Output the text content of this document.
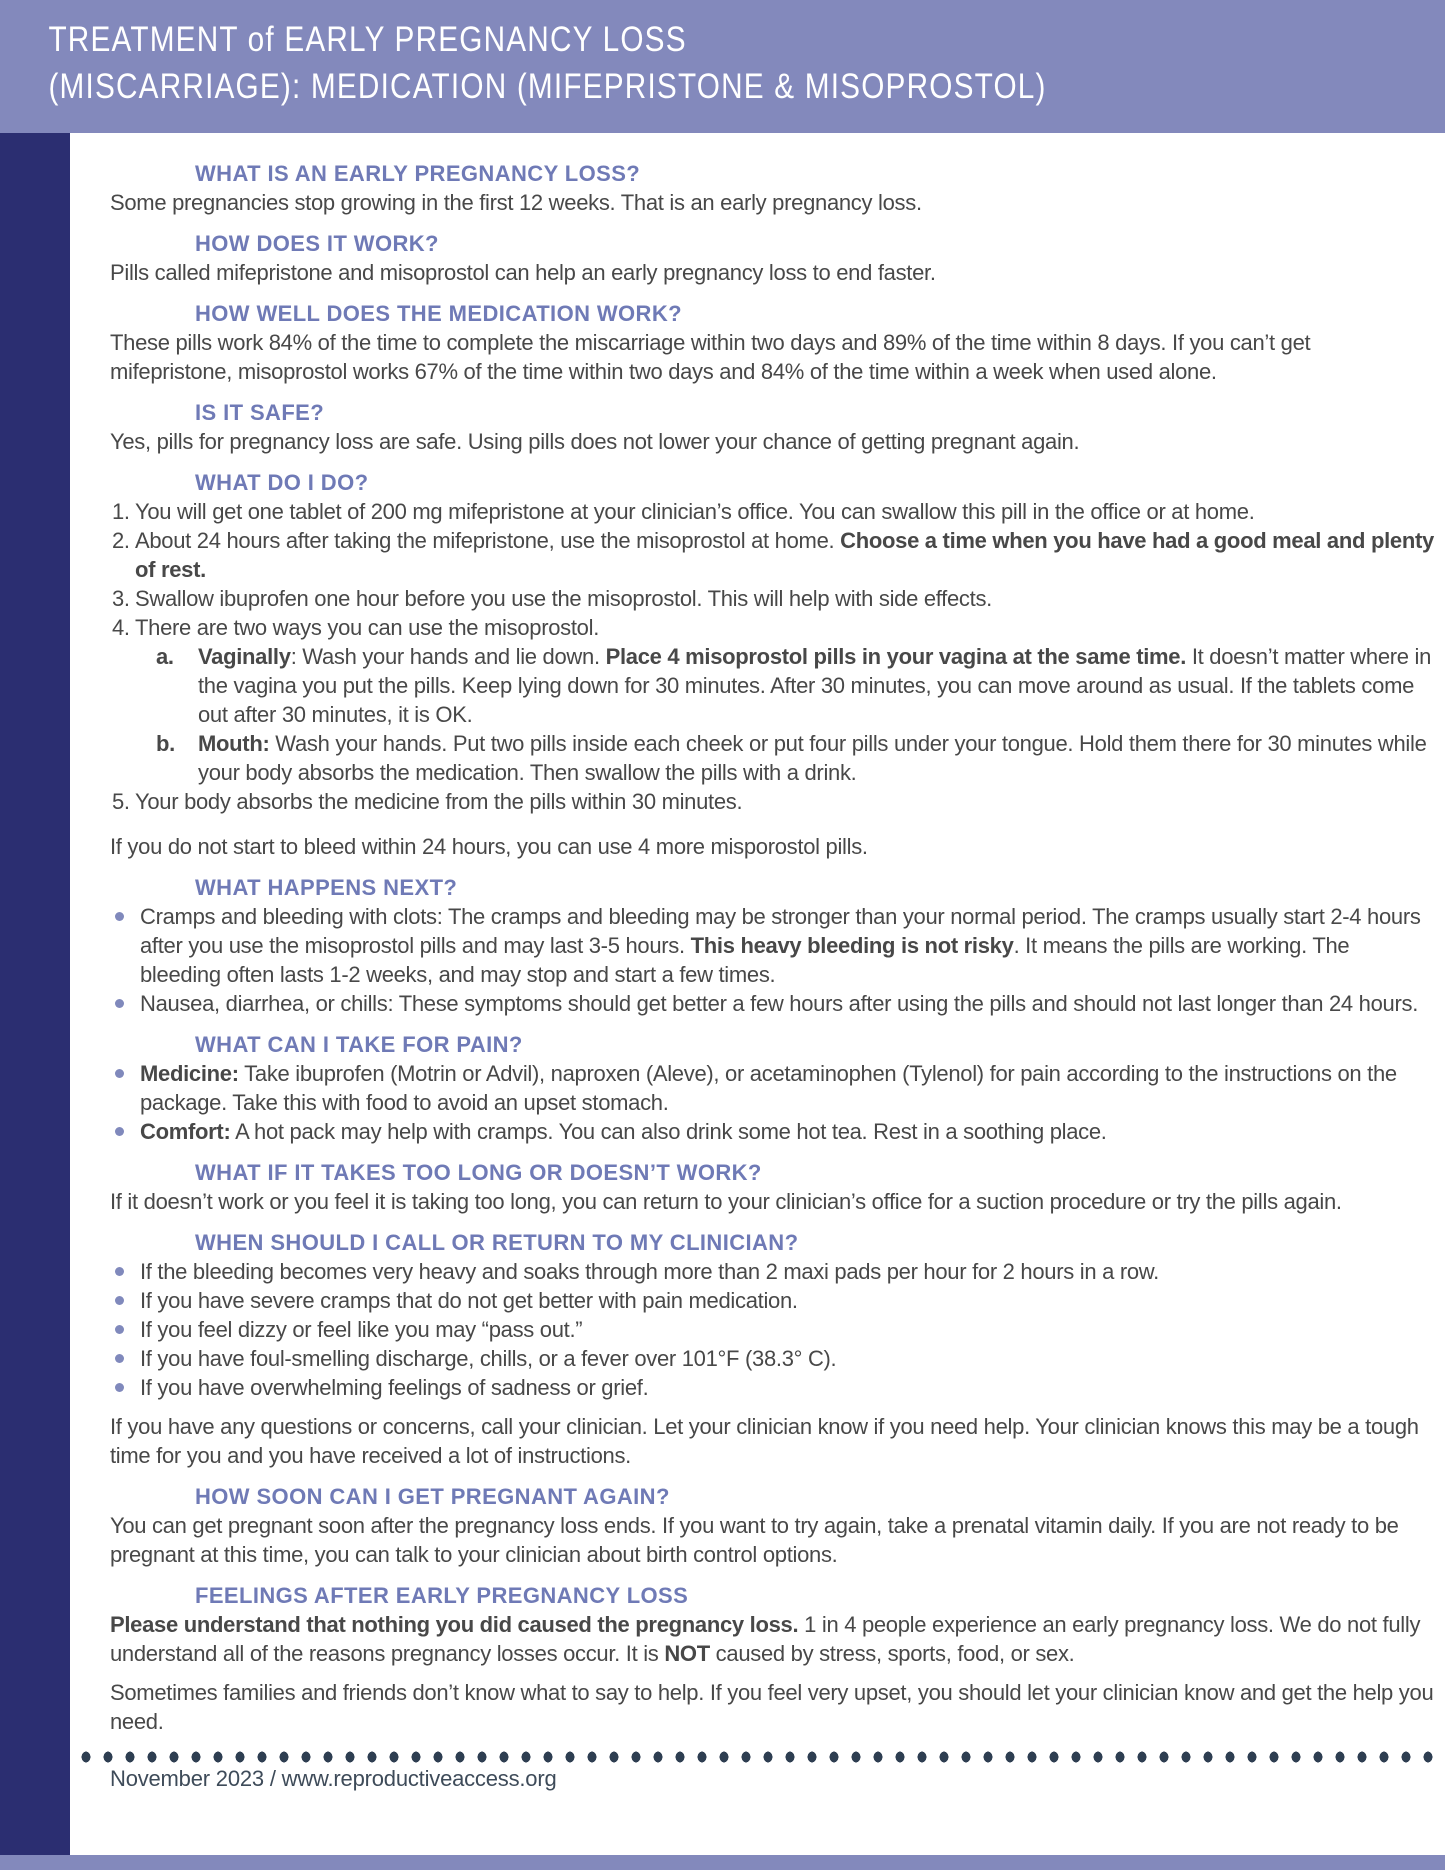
TREATMENT of EARLY PREGNANCY LOSS
(MISCARRIAGE): MEDICATION (MIFEPRISTONE & MISOPROSTOL)
WHAT IS AN EARLY PREGNANCY LOSS?

Some pregnancies stop growing in the first 12 weeks. That is an early pregnancy loss.

HOW DOES IT WORK?

Pills called mifepristone and misoprostol can help an early pregnancy loss to end faster.

HOW WELL DOES THE MEDICATION WORK?

These pills work 84% of the time to complete the miscarriage within two days and 89% of the time within 8 days. If you can’t get mifepristone, misoprostol works 67% of the time within two days and 84% of the time within a week when used alone.

IS IT SAFE?

Yes, pills for pregnancy loss are safe. Using pills does not lower your chance of getting pregnant again.

WHAT DO I DO?
1. You will get one tablet of 200 mg mifepristone at your clinician’s office. You can swallow this pill in the office or at home.
2. About 24 hours after taking the mifepristone, use the misoprostol at home. Choose a time when you have had a good meal and plenty of rest.
3. Swallow ibuprofen one hour before you use the misoprostol. This will help with side effects.
4. There are two ways you can use the misoprostol.
a.	Vaginally: Wash your hands and lie down. Place 4 misoprostol pills in your vagina at the same time. It doesn’t matter where in the vagina you put the pills. Keep lying down for 30 minutes. After 30 minutes, you can move around as usual. If the tablets come out after 30 minutes, it is OK.
b.	Mouth: Wash your hands. Put two pills inside each cheek or put four pills under your tongue. Hold them there for 30 minutes while your body absorbs the medication. Then swallow the pills with a drink.
5. Your body absorbs the medicine from the pills within 30 minutes.

If you do not start to bleed within 24 hours, you can use 4 more misporostol pills.

WHAT HAPPENS NEXT?
Cramps and bleeding with clots: The cramps and bleeding may be stronger than your normal period. The cramps usually start 2-4 hours after you use the misoprostol pills and may last 3-5 hours. This heavy bleeding is not risky. It means the pills are working. The bleeding often lasts 1-2 weeks, and may stop and start a few times.
Nausea, diarrhea, or chills: These symptoms should get better a few hours after using the pills and should not last longer than 24 hours.
WHAT CAN I TAKE FOR PAIN?
Medicine: Take ibuprofen (Motrin or Advil), naproxen (Aleve), or acetaminophen (Tylenol) for pain according to the instructions on the package. Take this with food to avoid an upset stomach.
Comfort: A hot pack may help with cramps. You can also drink some hot tea. Rest in a soothing place.
WHAT IF IT TAKES TOO LONG OR DOESN’T WORK?

If it doesn’t work or you feel it is taking too long, you can return to your clinician’s office for a suction procedure or try the pills again.

WHEN SHOULD I CALL OR RETURN TO MY CLINICIAN?
If the bleeding becomes very heavy and soaks through more than 2 maxi pads per hour for 2 hours in a row.
If you have severe cramps that do not get better with pain medication.
If you feel dizzy or feel like you may “pass out.”
If you have foul-smelling discharge, chills, or a fever over 101°F (38.3° C).
If you have overwhelming feelings of sadness or grief.

If you have any questions or concerns, call your clinician. Let your clinician know if you need help. Your clinician knows this may be a tough time for you and you have received a lot of instructions.

HOW SOON CAN I GET PREGNANT AGAIN?

You can get pregnant soon after the pregnancy loss ends. If you want to try again, take a prenatal vitamin daily. If you are not ready to be pregnant at this time, you can talk to your clinician about birth control options.

FEELINGS AFTER EARLY PREGNANCY LOSS

Please understand that nothing you did caused the pregnancy loss. 1 in 4 people experience an early pregnancy loss. We do not fully understand all of the reasons pregnancy losses occur. It is NOT caused by stress, sports, food, or sex.

Sometimes families and friends don’t know what to say to help. If you feel very upset, you should let your clinician know and get the help you need.

November 2023 / www.reproductiveaccess.org
